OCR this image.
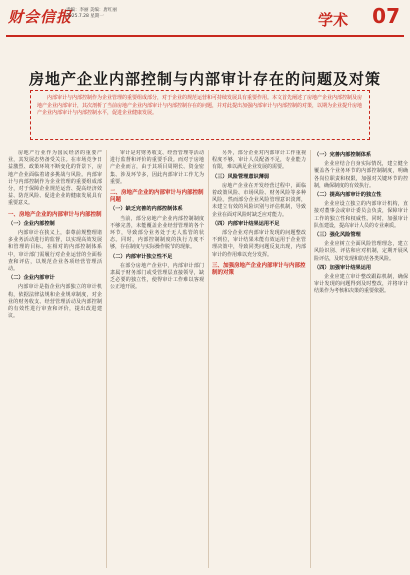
财会信报
责编：李丽 美编：唐红丽
2025.7.28 星期一	学术 07
房地产企业内部控制与内部审计存在的问题及对策
内部审计与内部控制作为企业管理的重要组成部分，对于企业的规范运营和可持续发展具有重要作用。本文首先阐述了房地产企业内部控制及房地产企业内部审计，其次剖析了当前房地产企业内部审计与内部控制存在的问题，并对此提出加强内部审计与内部控制的对策，以期为企业提升房地产企业内部审计与内部控制水平，促进企业健康发展。

房地产行业作为国民经济的重要产业，其发展态势备受关注。在市场竞争日益激烈、政策环境不断变化的背景下，房地产企业面临着诸多挑战与风险。内部审计与内部控制作为企业管理的重要组成部分，对于保障企业规范运营、提高经济效益、防范风险、促进企业的健康发展具有重要意义。

一、房地产企业的内部审计与内部控制
（一）企业内部控制

内部审计在狭义上，泰尊前规整理诸多业务活动进行的监督，以实现高效发展和管理的目标。在相对的内部控制体系中，审计部门需履行对企业运营的全面检查和评估，以规范企业各项经营管理活动。

（二）企业内部审计

内部审计是指企业内部独立的审计机构，依据法律法规和企业规章制度，对企业的财务收支、经营管理活动及内部控制的有效性进行审查和评价，提出改进建议。

审计是对财务收支、经营管理等活动进行监督和评价的重要手段。而对于房地产企业而言，由于其项目周期长、资金密集、涉及环节多，因此内部审计工作尤为重要。

二、房地产企业的内部审计与内部控制问题
（一）缺乏完善的内部控制体系

当前，部分房地产企业内部控制制度不够完善，未能覆盖企业经营管理的各个环节，导致部分业务处于无人监管的状态。同时，内部控制制度的执行力度不够，存在制度与实际操作脱节的现象。

（二）内部审计独立性不足

在部分房地产企业中，内部审计部门隶属于财务部门或受管理层直接领导，缺乏必要的独立性，使得审计工作难以客观公正地开展。

另外，部分企业对内部审计工作重视程度不够，审计人员配备不足，专业能力有限，难以满足企业发展的需要。

（三）风险管理意识薄弱

房地产企业在开发经营过程中，面临着政策风险、市场风险、财务风险等多种风险。然而部分企业风险管理意识淡薄，未建立有效的风险识别与评估机制，导致企业在面对风险时缺乏应对能力。

（四）内部审计结果运用不足

部分企业对内部审计发现的问题整改不到位，审计结果未能有效运用于企业管理决策中，导致同类问题反复出现，内部审计的作用难以充分发挥。

三、加强房地产企业内部审计与内部控制的对策
（一）完善内部控制体系

企业应结合自身实际情况，建立健全覆盖各个业务环节的内部控制制度，明确各岗位职责和权限，加强对关键环节的控制，确保制度的有效执行。

（二）提高内部审计的独立性

企业应设立独立的内部审计机构，直接对董事会或审计委员会负责，保障审计工作的独立性和权威性。同时，加强审计队伍建设，提高审计人员的专业素质。

（三）强化风险管理

企业应树立全面风险管理理念，建立风险识别、评估和应对机制，定期开展风险评估，及时发现和防范各类风险。

（四）加强审计结果运用

企业应建立审计整改跟踪机制，确保审计发现的问题得到及时整改，并将审计结果作为考核和决策的重要依据。
